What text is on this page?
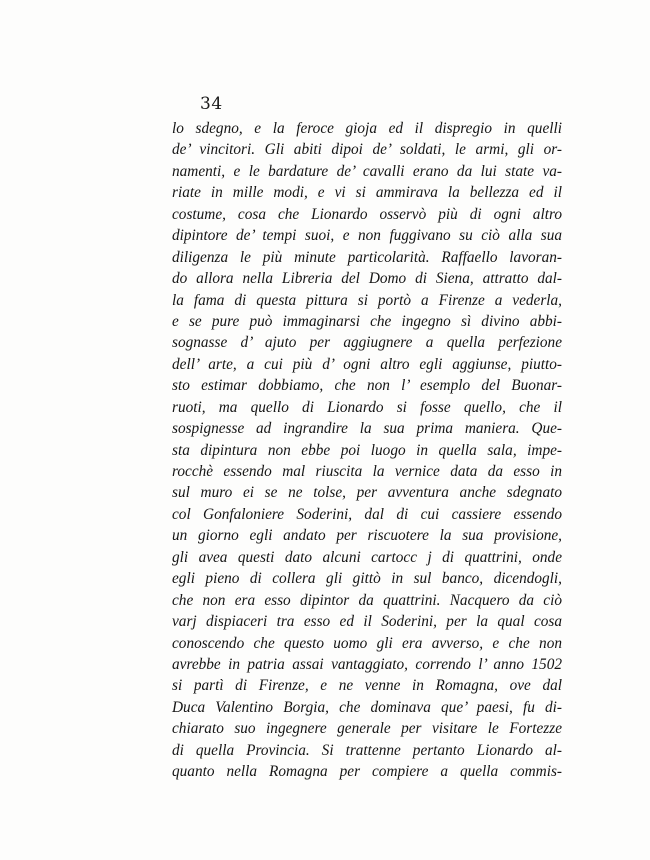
34
lo sdegno, e la feroce gioja ed il dispregio in quelli
de’ vincitori. Gli abiti dipoi de’ soldati, le armi, gli or-
namenti, e le bardature de’ cavalli erano da lui state va-
riate in mille modi, e vi si ammirava la bellezza ed il
costume, cosa che Lionardo osservò più di ogni altro
dipintore de’ tempi suoi, e non fuggivano su ciò alla sua
diligenza le più minute particolarità. Raffaello lavoran-
do allora nella Libreria del Domo di Siena, attratto dal-
la fama di questa pittura si portò a Firenze a vederla,
e se pure può immaginarsi che ingegno sì divino abbi-
sognasse d’ ajuto per aggiugnere a quella perfezione
dell’ arte, a cui più d’ ogni altro egli aggiunse, piutto-
sto estimar dobbiamo, che non l’ esemplo del Buonar-
ruoti, ma quello di Lionardo si fosse quello, che il
sospignesse ad ingrandire la sua prima maniera. Que-
sta dipintura non ebbe poi luogo in quella sala, impe-
rocchè essendo mal riuscita la vernice data da esso in
sul muro ei se ne tolse, per avventura anche sdegnato
col Gonfaloniere Soderini, dal di cui cassiere essendo
un giorno egli andato per riscuotere la sua provisione,
gli avea questi dato alcuni cartocc j di quattrini, onde
egli pieno di collera gli gittò in sul banco, dicendogli,
che non era esso dipintor da quattrini. Nacquero da ciò
varj dispiaceri tra esso ed il Soderini, per la qual cosa
conoscendo che questo uomo gli era avverso, e che non
avrebbe in patria assai vantaggiato, correndo l’ anno 1502
si partì di Firenze, e ne venne in Romagna, ove dal
Duca Valentino Borgia, che dominava que’ paesi, fu di-
chiarato suo ingegnere generale per visitare le Fortezze
di quella Provincia. Si trattenne pertanto Lionardo al-
quanto nella Romagna per compiere a quella commis-
